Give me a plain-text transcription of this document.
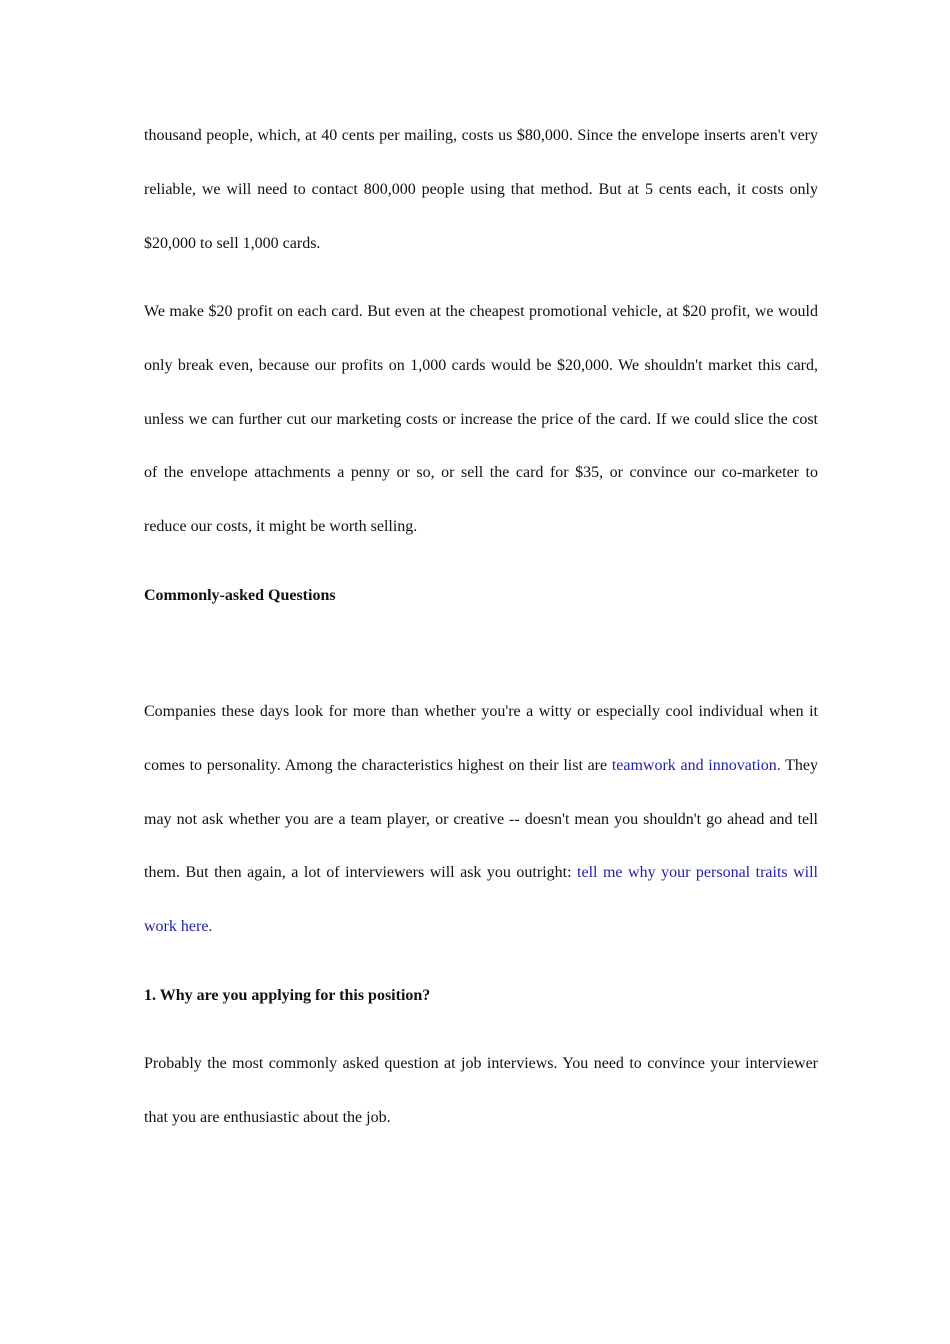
thousand people, which, at 40 cents per mailing, costs us $80,000. Since the envelope inserts aren't very reliable, we will need to contact 800,000 people using that method. But at 5 cents each, it costs only $20,000 to sell 1,000 cards.

We make $20 profit on each card. But even at the cheapest promotional vehicle, at $20 profit, we would only break even, because our profits on 1,000 cards would be $20,000. We shouldn't market this card, unless we can further cut our marketing costs or increase the price of the card. If we could slice the cost of the envelope attachments a penny or so, or sell the card for $35, or convince our co-marketer to reduce our costs, it might be worth selling.

Commonly-asked Questions

Companies these days look for more than whether you're a witty or especially cool individual when it comes to personality. Among the characteristics highest on their list are teamwork and innovation. They may not ask whether you are a team player, or creative -- doesn't mean you shouldn't go ahead and tell them. But then again, a lot of interviewers will ask you outright: tell me why your personal traits will work here.

1. Why are you applying for this position?

Probably the most commonly asked question at job interviews. You need to convince your interviewer that you are enthusiastic about the job.
